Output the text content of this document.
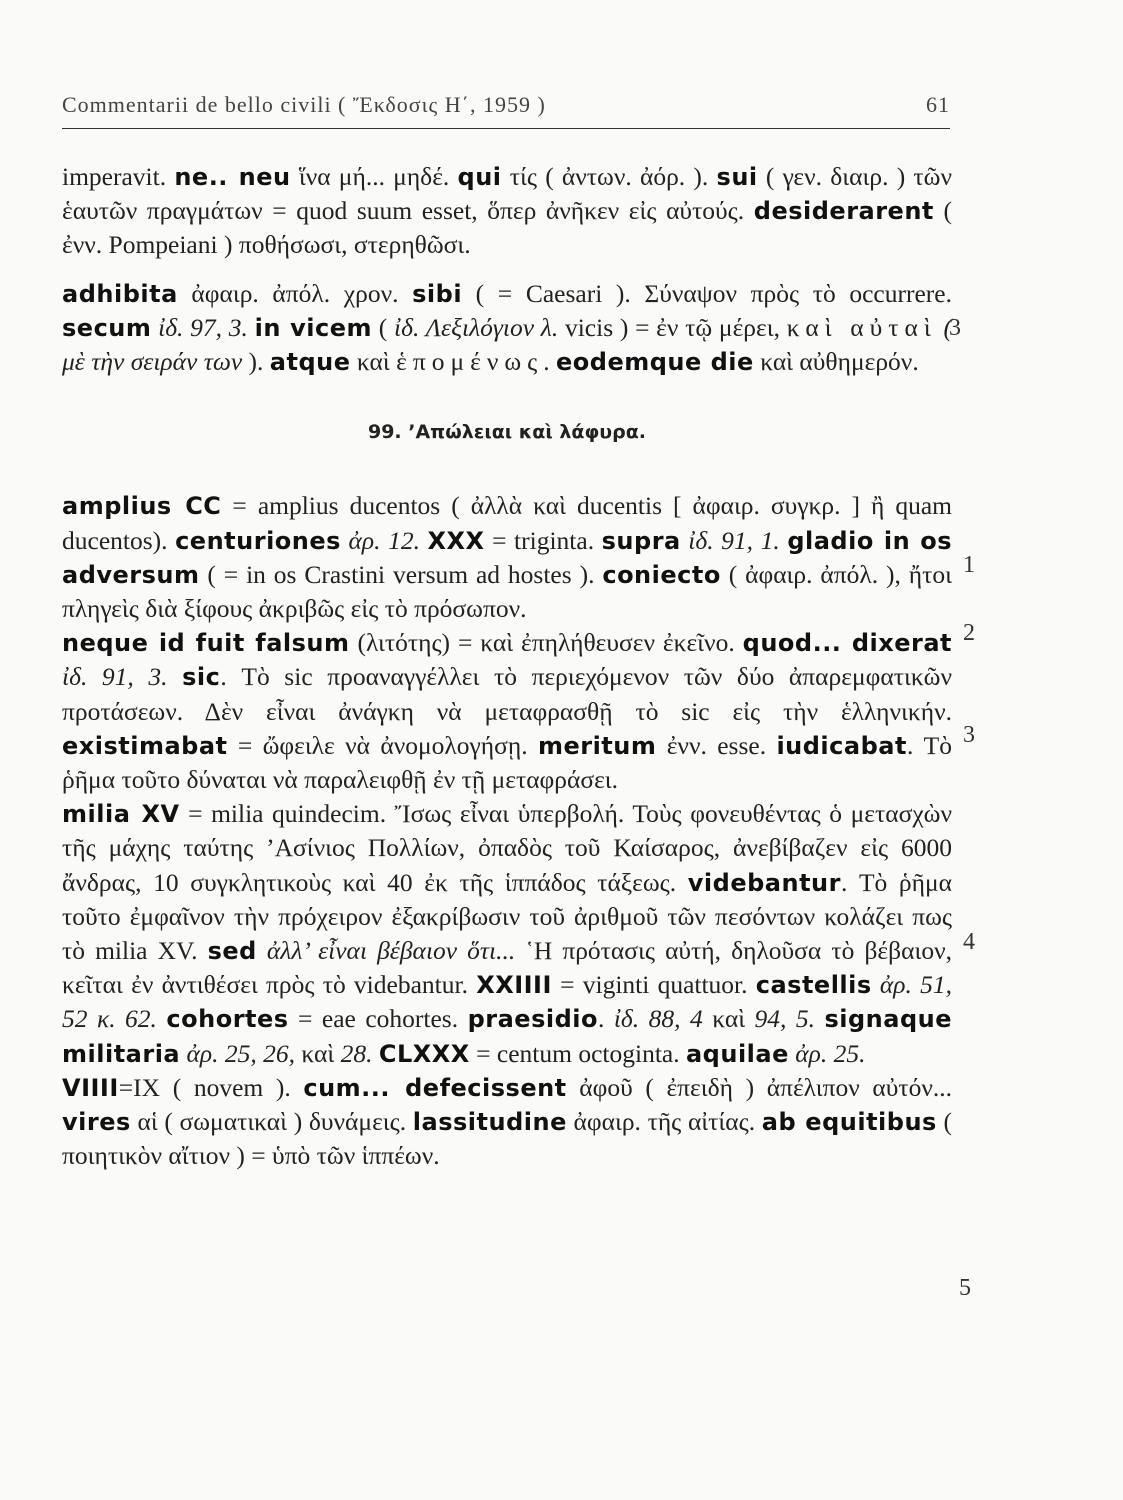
Commentarii de bello civili ( Ἔκδοσις Η΄, 1959 )	61

imperavit. ne.. neu ἵνα μή... μηδέ. qui τίς ( ἀντων. ἀόρ. ). sui ( γεν. διαιρ. ) τῶν ἑαυτῶν πραγμάτων = quod suum esset, ὅπερ ἀνῆκεν εἰς αὐτούς. desiderarent ( ἐνν. Pompeiani ) ποθήσωσι, στερηθῶσι.

adhibita ἀφαιρ. ἀπόλ. χρον. sibi ( = Caesari ). Σύναψον πρὸς τὸ occurrere. secum ἰδ. 97, 3. in vicem ( ἰδ. Λεξιλόγιον λ. vicis ) = ἐν τῷ μέρει, καὶ αὐταὶ ( μὲ τὴν σειράν των ). atque καὶ ἑπομένως. eodemque die καὶ αὐθημερόν.

99. ’Απώλειαι καὶ λάφυρα.

amplius CC = amplius ducentos ( ἀλλὰ καὶ ducentis [ ἀφαιρ. συγκρ. ] ἢ quam ducentos). centuriones ἀρ. 12. XXX = triginta. supra ἰδ. 91, 1. gladio in os adversum ( = in os Crastini versum ad hostes ). coniecto ( ἀφαιρ. ἀπόλ. ), ἤτοι πληγεὶς διὰ ξίφους ἀκριβῶς εἰς τὸ πρόσωπον.

neque id fuit falsum (λιτότης) = καὶ ἐπηλήθευσεν ἐκεῖνο. quod... dixerat ἰδ. 91, 3. sic. Τὸ sic προαναγγέλλει τὸ περιεχόμενον τῶν δύο ἀπαρεμφατικῶν προτάσεων. Δὲν εἶναι ἀνάγκη νὰ μεταφρασθῇ τὸ sic εἰς τὴν ἑλληνικήν. existimabat = ὤφειλε νὰ ἀνομολογήσῃ. meritum ἐνν. esse. iudicabat. Τὸ ῥῆμα τοῦτο δύναται νὰ παραλειφθῇ ἐν τῇ μεταφράσει.

milia XV = milia quindecim. Ἴσως εἶναι ὑπερβολή. Τοὺς φονευθέντας ὁ μετασχὼν τῆς μάχης ταύτης ’Ασίνιος Πολλίων, ὀπαδὸς τοῦ Καίσαρος, ἀνεβίβαζεν εἰς 6000 ἄνδρας, 10 συγκλητικοὺς καὶ 40 ἐκ τῆς ἱππάδος τάξεως. videbantur. Τὸ ῥῆμα τοῦτο ἐμφαῖνον τὴν πρόχειρον ἐξακρίβωσιν τοῦ ἀριθμοῦ τῶν πεσόντων κολάζει πως τὸ milia XV. sed ἀλλ’ εἶναι βέβαιον ὅτι... ῾Η πρότασις αὐτή, δηλοῦσα τὸ βέβαιον, κεῖται ἐν ἀντιθέσει πρὸς τὸ videbantur. XXIIII = viginti quattuor. castellis ἀρ. 51, 52 κ. 62. cohortes = eae cohortes. praesidio. ἰδ. 88, 4 καὶ 94, 5. signaque militaria ἀρ. 25, 26, καὶ 28. CLXXX = centum octoginta. aquilae ἀρ. 25.

VIIII=IX ( novem ). cum... defecissent ἀφοῦ ( ἐπειδὴ ) ἀπέλιπον αὐτόν... vires αἱ ( σωματικαὶ ) δυνάμεις. lassitudine ἀφαιρ. τῆς αἰτίας. ab equitibus ( ποιητικὸν αἴτιον ) = ὑπὸ τῶν ἱππέων.

3
1
2
3
4
5
